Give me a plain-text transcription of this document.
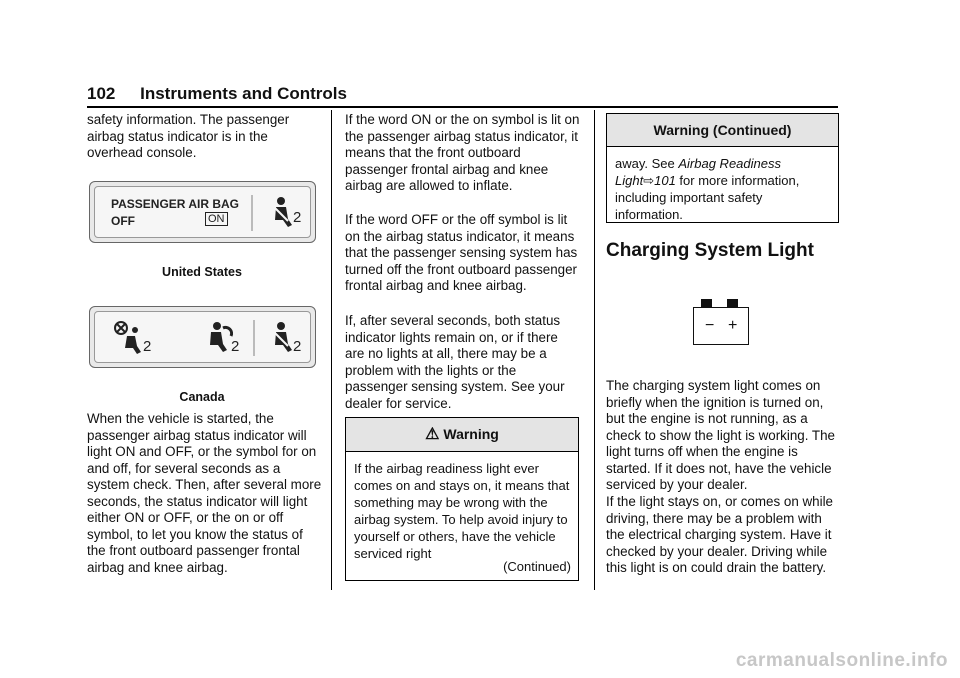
102 Instruments and Controls

safety information. The passenger airbag status indicator is in the overhead console.

PASSENGER AIR BAG
OFF	ON	2
United States
2	2	2
Canada

When the vehicle is started, the passenger airbag status indicator will light ON and OFF, or the symbol for on and off, for several seconds as a system check. Then, after several more seconds, the status indicator will light either ON or OFF, or the on or off symbol, to let you know the status of the front outboard passenger frontal airbag and knee airbag.

If the word ON or the on symbol is lit on the passenger airbag status indicator, it means that the front outboard passenger frontal airbag and knee airbag are allowed to inflate.

If the word OFF or the off symbol is lit on the airbag status indicator, it means that the passenger sensing system has turned off the front outboard passenger frontal airbag and knee airbag.

If, after several seconds, both status indicator lights remain on, or if there are no lights at all, there may be a problem with the lights or the passenger sensing system. See your dealer for service.

⚠ Warning
If the airbag readiness light ever comes on and stays on, it means that something may be wrong with the airbag system. To help avoid injury to yourself or others, have the vehicle serviced right
(Continued)
Warning (Continued)
away. See Airbag Readiness Light⇨101 for more information, including important safety information.
Charging System Light
− +

The charging system light comes on briefly when the ignition is turned on, but the engine is not running, as a check to show the light is working. The light turns off when the engine is started. If it does not, have the vehicle serviced by your dealer.

If the light stays on, or comes on while driving, there may be a problem with the electrical charging system. Have it checked by your dealer. Driving while this light is on could drain the battery.

carmanualsonline.info
